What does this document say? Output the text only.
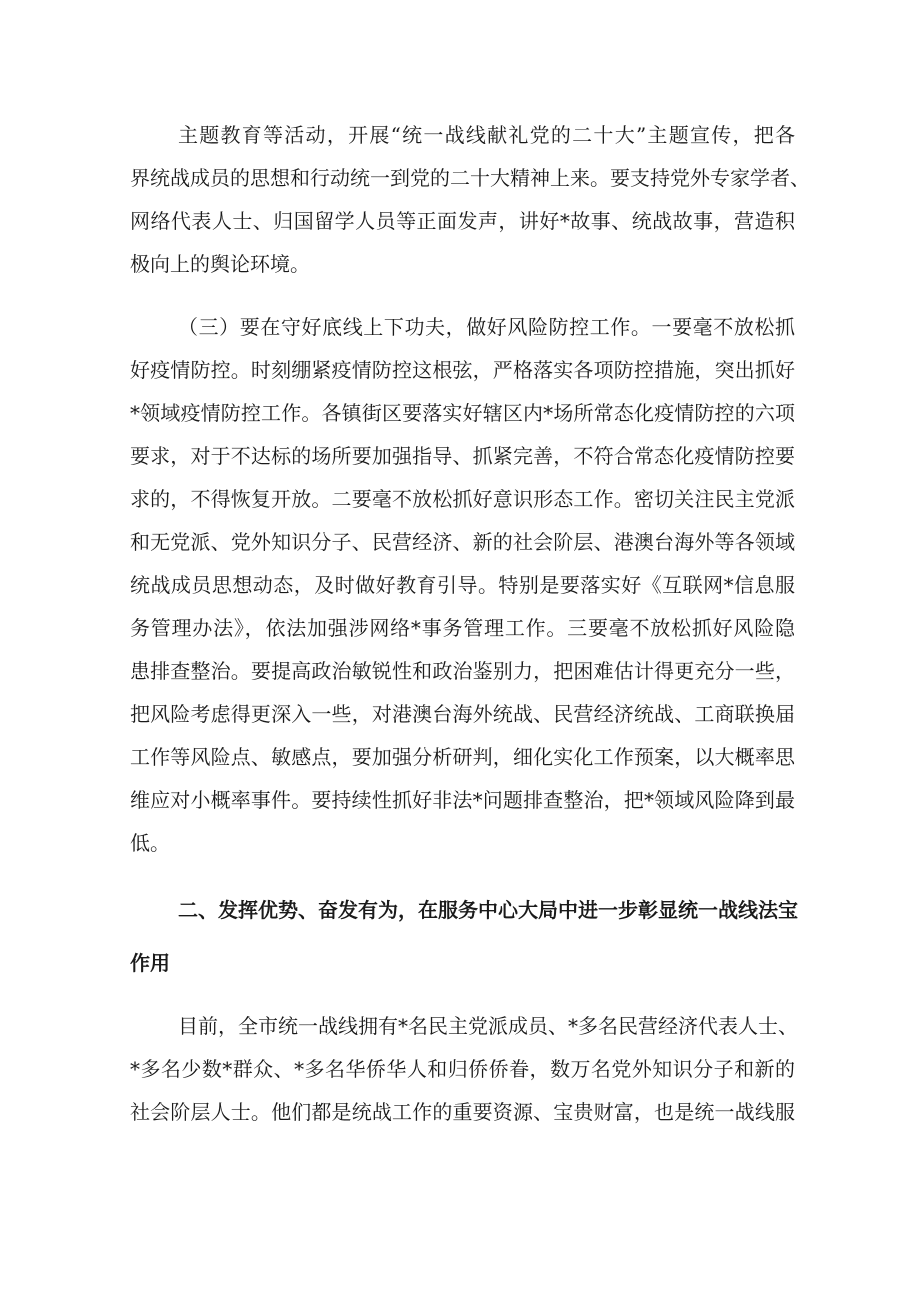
主题教育等活动，开展“统一战线献礼党的二十大”主题宣传，把各
界统战成员的思想和行动统一到党的二十大精神上来。要支持党外专家学者、
网络代表人士、归国留学人员等正面发声，讲好*故事、统战故事，营造积
极向上的舆论环境。
（三）要在守好底线上下功夫，做好风险防控工作。一要毫不放松抓
好疫情防控。时刻绷紧疫情防控这根弦，严格落实各项防控措施，突出抓好
*领域疫情防控工作。各镇街区要落实好辖区内*场所常态化疫情防控的六项
要求，对于不达标的场所要加强指导、抓紧完善，不符合常态化疫情防控要
求的，不得恢复开放。二要毫不放松抓好意识形态工作。密切关注民主党派
和无党派、党外知识分子、民营经济、新的社会阶层、港澳台海外等各领域
统战成员思想动态，及时做好教育引导。特别是要落实好《互联网*信息服
务管理办法》，依法加强涉网络*事务管理工作。三要毫不放松抓好风险隐
患排查整治。要提高政治敏锐性和政治鉴别力，把困难估计得更充分一些，
把风险考虑得更深入一些，对港澳台海外统战、民营经济统战、工商联换届
工作等风险点、敏感点，要加强分析研判，细化实化工作预案，以大概率思
维应对小概率事件。要持续性抓好非法*问题排查整治，把*领域风险降到最
低。
二、发挥优势、奋发有为，在服务中心大局中进一步彰显统一战线法宝
作用
目前，全市统一战线拥有*名民主党派成员、*多名民营经济代表人士、
*多名少数*群众、*多名华侨华人和归侨侨眷，数万名党外知识分子和新的
社会阶层人士。他们都是统战工作的重要资源、宝贵财富，也是统一战线服
